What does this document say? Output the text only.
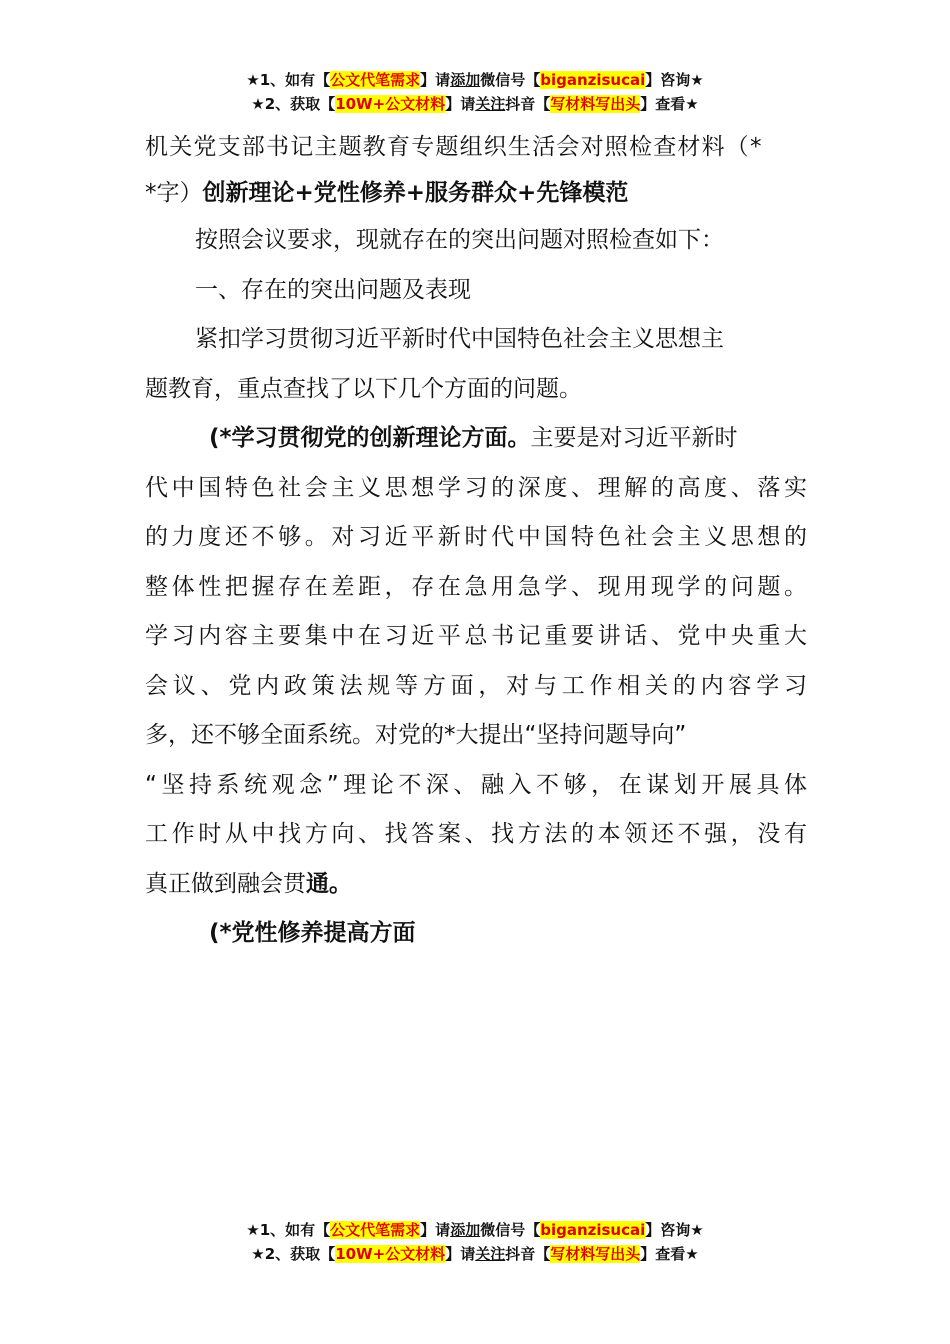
★1、如有【公文代笔需求】请添加微信号【biganzisucai】咨询★
★2、获取【10W+公文材料】请关注抖音【写材料写出头】查看★
机关党支部书记主题教育专题组织生活会对照检查材料（*
*字）创新理论+党性修养+服务群众+先锋模范
按照会议要求，现就存在的突出问题对照检查如下：
一、存在的突出问题及表现
紧扣学习贯彻习近平新时代中国特色社会主义思想主
题教育，重点查找了以下几个方面的问题。
(*学习贯彻党的创新理论方面。主要是对习近平新时
代中国特色社会主义思想学习的深度、理解的高度、落实
的力度还不够。对习近平新时代中国特色社会主义思想的
整体性把握存在差距，存在急用急学、现用现学的问题。
学习内容主要集中在习近平总书记重要讲话、党中央重大
会议、党内政策法规等方面，对与工作相关的内容学习
多，还不够全面系统。对党的*大提出“坚持问题导向”
“坚持系统观念”理论不深、融入不够，在谋划开展具体
工作时从中找方向、找答案、找方法的本领还不强，没有
真正做到融会贯通。
(*党性修养提高方面
★1、如有【公文代笔需求】请添加微信号【biganzisucai】咨询★
★2、获取【10W+公文材料】请关注抖音【写材料写出头】查看★
